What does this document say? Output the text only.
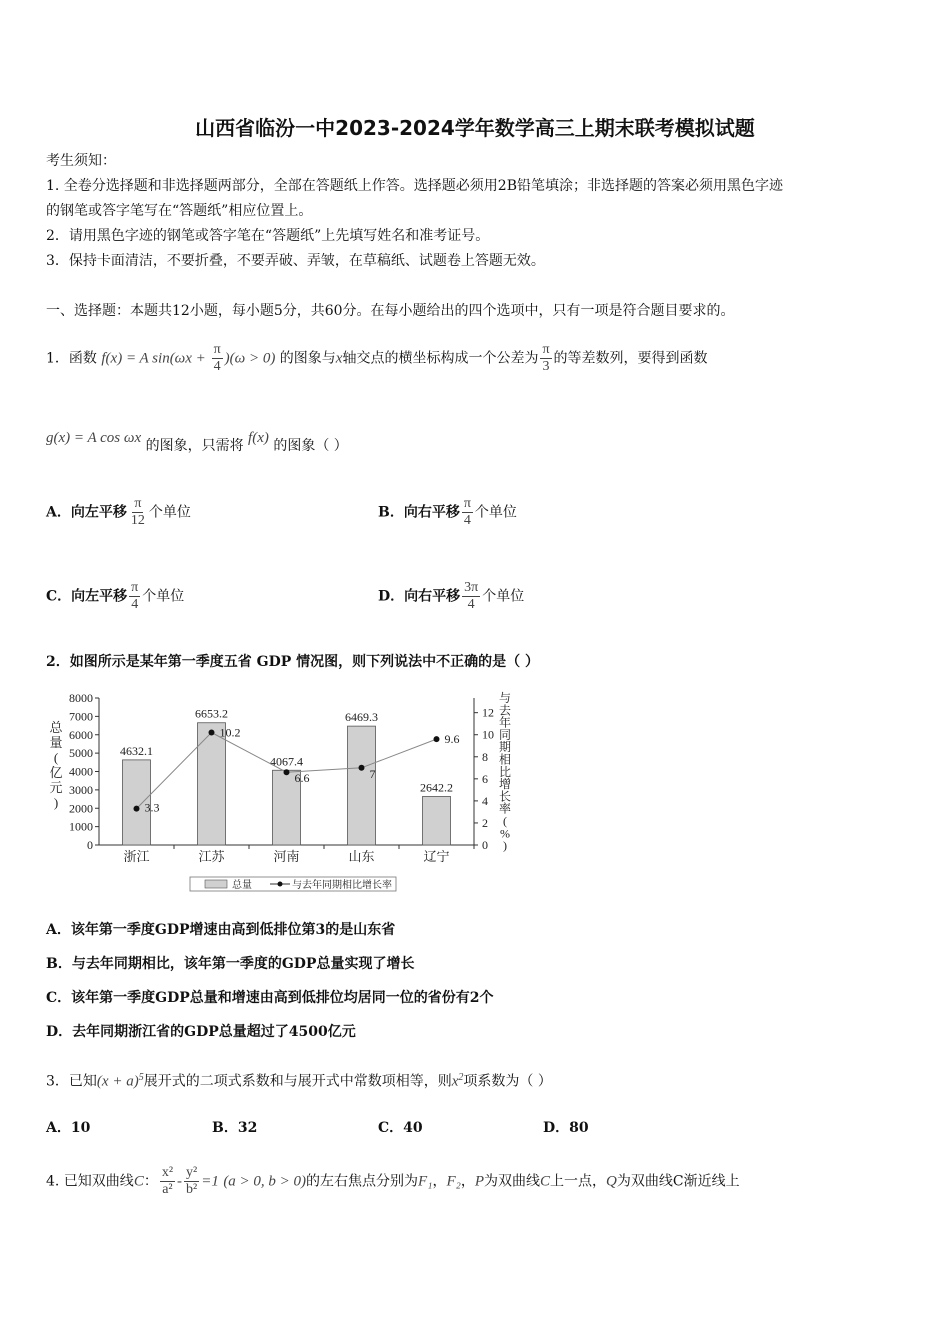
山西省临汾一中2023-2024学年数学高三上期末联考模拟试题
考生须知：
1. 全卷分选择题和非选择题两部分，全部在答题纸上作答。选择题必须用2B铅笔填涂；非选择题的答案必须用黑色字迹
的钢笔或答字笔写在“答题纸”相应位置上。
2．请用黑色字迹的钢笔或答字笔在“答题纸”上先填写姓名和准考证号。
3．保持卡面清洁，不要折叠，不要弄破、弄皱，在草稿纸、试题卷上答题无效。
一、选择题：本题共12小题，每小题5分，共60分。在每小题给出的四个选项中，只有一项是符合题目要求的。
1．函数 f(x) = A $\sin(\omega x + \frac{\pi}{4} )(\omega > 0)$ 的图象与x轴交点的横坐标构成一个公差为 $\frac{\pi}{3}$ 的等差数列，要得到函数
g(x) = A cos ωx 的图象，只需将 f(x) 的图象（ ）
A．向左平移 $\frac{\pi}{12}$ 个单位	B．向右平移 $\frac{\pi}{4}$ 个单位
C．向左平移 $\frac{\pi}{4}$ 个单位	D．向右平移 $\frac{3\pi}{4}$ 个单位
2．如图所示是某年第一季度五省 GDP 情况图，则下列说法中不正确的是（ ）
0
1000
2000
3000
4000
5000
6000
7000
8000
0
2
4
6
8
10
12
浙江	江苏	河南	山东	辽宁
4632.1
6653.2
4067.4
6469.3
2642.2
3.3
10.2
6.6	7
9.6
总
量
(
亿
元
)
与
去
年
同
期
相
比
增
长
率
(
%
)
总量	与去年同期相比增长率
A．该年第一季度GDP增速由高到低排位第3的是山东省
B．与去年同期相比，该年第一季度的GDP总量实现了增长
C．该年第一季度GDP总量和增速由高到低排位均居同一位的省份有2个
D．去年同期浙江省的GDP总量超过了4500亿元
3．已知$(x + a)^5$展开式的二项式系数和与展开式中常数项相等，则$x^2$项系数为（ ）
A．10	B．32	C．40	D．80
4. 已知双曲线C： $\frac{\text{x²}}{\text{a²}} - \frac{\text{y²}}{\text{b²}} =1$ (a > 0, b > 0)的左右焦点分别为F₁，F₂，P为双曲线C上一点，Q为双曲线C渐近线上
